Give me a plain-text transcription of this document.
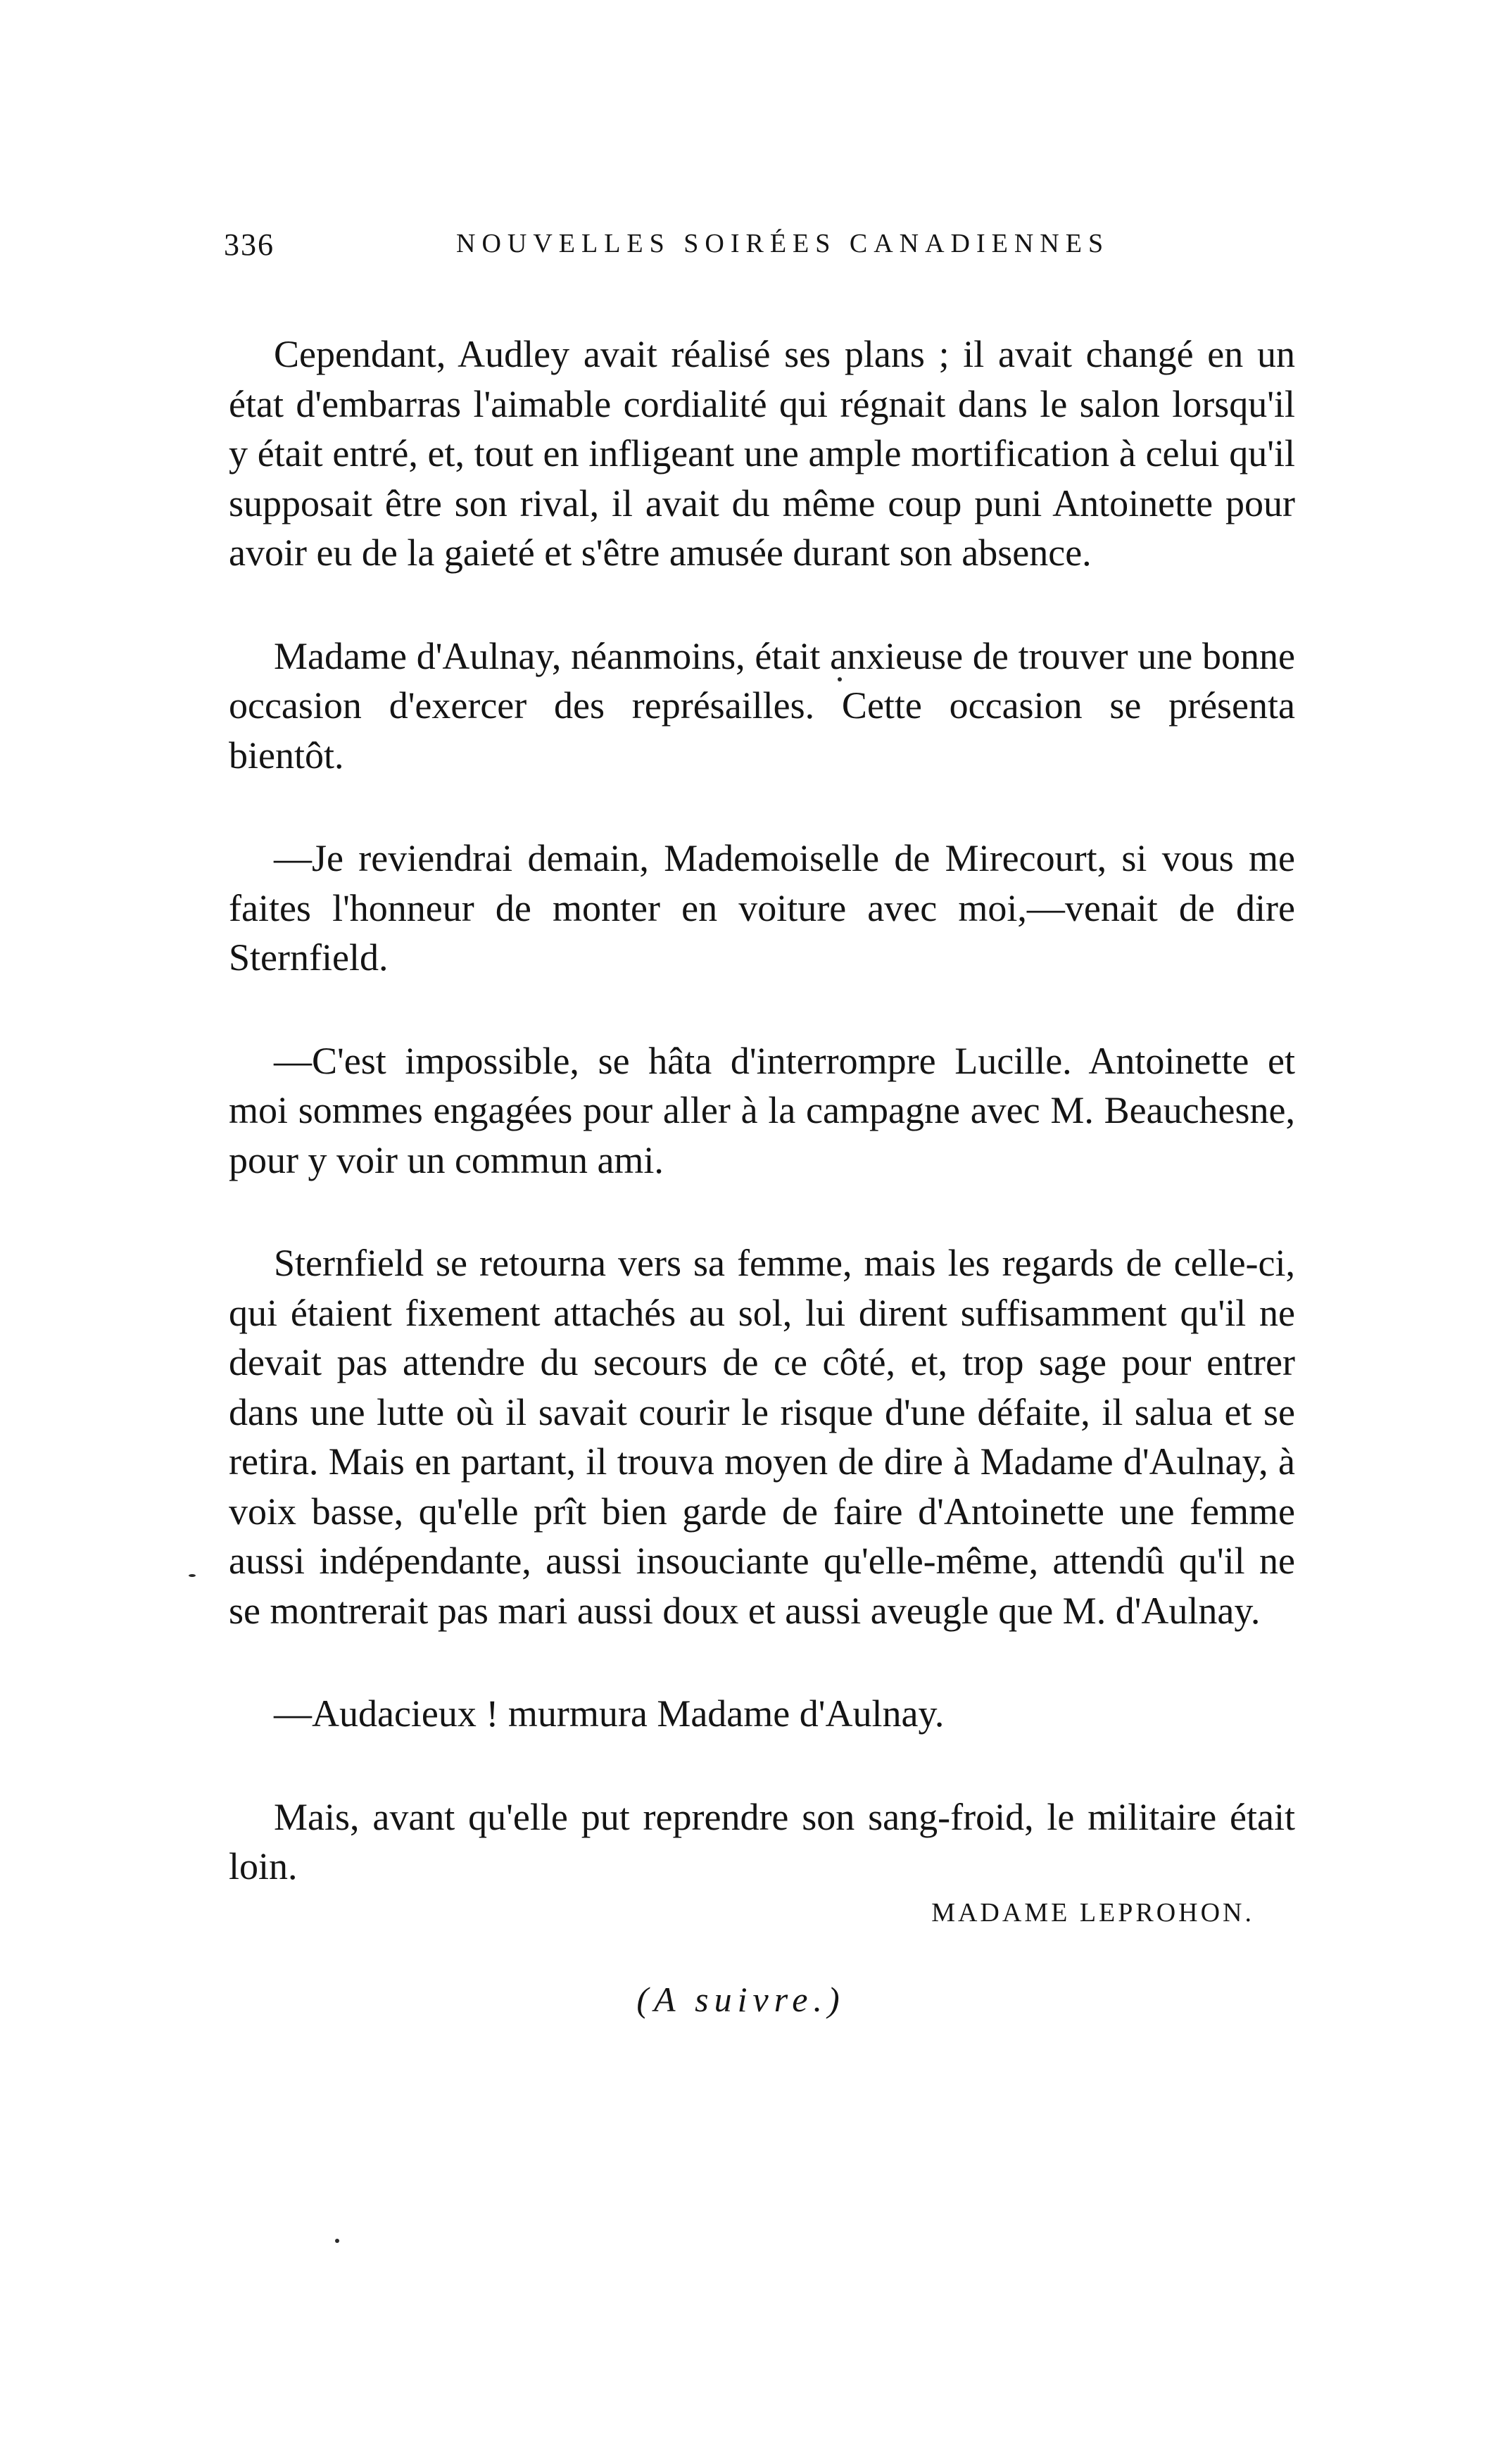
336	NOUVELLES SOIRÉES CANADIENNES

Cependant, Audley avait réalisé ses plans ; il avait changé en un état d'embarras l'aimable cordialité qui régnait dans le salon lorsqu'il y était entré, et, tout en infligeant une ample mortification à celui qu'il supposait être son rival, il avait du même coup puni Antoinette pour avoir eu de la gaieté et s'être amusée durant son absence.

Madame d'Aulnay, néanmoins, était anxieuse de trouver une bonne occasion d'exercer des représailles. Cette occasion se présenta bientôt.

—Je reviendrai demain, Mademoiselle de Mirecourt, si vous me faites l'honneur de monter en voiture avec moi,—venait de dire Sternfield.

—C'est impossible, se hâta d'interrompre Lucille. Antoinette et moi sommes engagées pour aller à la campagne avec M. Beauchesne, pour y voir un commun ami.

Sternfield se retourna vers sa femme, mais les regards de celle-ci, qui étaient fixement attachés au sol, lui dirent suffisamment qu'il ne devait pas attendre du secours de ce côté, et, trop sage pour entrer dans une lutte où il savait courir le risque d'une défaite, il salua et se retira. Mais en partant, il trouva moyen de dire à Madame d'Aulnay, à voix basse, qu'elle prît bien garde de faire d'Antoinette une femme aussi indépendante, aussi insouciante qu'elle-même, attendû qu'il ne se montrerait pas mari aussi doux et aussi aveugle que M. d'Aulnay.

—Audacieux ! murmura Madame d'Aulnay.

Mais, avant qu'elle put reprendre son sang-froid, le militaire était loin.

MADAME LEPROHON.
(A suivre.)
